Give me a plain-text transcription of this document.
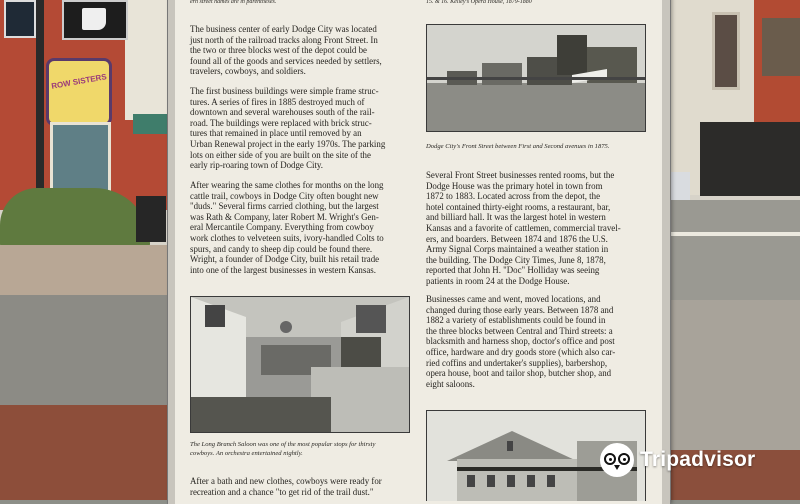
ROW SISTERS

ern street names are in parentheses.	15. & 16. Kelley's Opera House, 1879-1880

The business center of early Dodge City was located
just north of the railroad tracks along Front Street. In
the two or three blocks west of the depot could be
found all of the goods and services needed by settlers,
travelers, cowboys, and soldiers.

The first business buildings were simple frame struc-
tures. A series of fires in 1885 destroyed much of
downtown and several warehouses south of the rail-
road. The buildings were replaced with brick struc-
tures that remained in place until removed by an
Urban Renewal project in the early 1970s. The parking
lots on either side of you are built on the site of the
early rip-roaring town of Dodge City.

After wearing the same clothes for months on the long
cattle trail, cowboys in Dodge City often bought new
"duds." Several firms carried clothing, but the largest
was Rath & Company, later Robert M. Wright's Gen-
eral Mercantile Company. Everything from cowboy
work clothes to velveteen suits, ivory-handled Colts to
spurs, and candy to sheep dip could be found there.
Wright, a founder of Dodge City, built his retail trade
into one of the largest businesses in western Kansas.

The Long Branch Saloon was one of the most popular stops for thirsty
cowboys. An orchestra entertained nightly.

After a bath and new clothes, cowboys were ready for
recreation and a chance "to get rid of the trail dust."

Dodge City's Front Street between First and Second avenues in 1875.

Several Front Street businesses rented rooms, but the
Dodge House was the primary hotel in town from
1872 to 1883. Located across from the depot, the
hotel contained thirty-eight rooms, a restaurant, bar,
and billiard hall. It was the largest hotel in western
Kansas and a favorite of cattlemen, commercial travel-
ers, and boarders. Between 1874 and 1876 the U.S.
Army Signal Corps maintained a weather station in
the building. The Dodge City Times, June 8, 1878,
reported that John H. "Doc" Holliday was seeing
patients in room 24 at the Dodge House.

Businesses came and went, moved locations, and
changed during those early years. Between 1878 and
1882 a variety of establishments could be found in
the three blocks between Central and Third streets: a
blacksmith and harness shop, doctor's office and post
office, hardware and dry goods store (which also car-
ried coffins and undertaker's supplies), barbershop,
opera house, boot and tailor shop, butcher shop, and
eight saloons.

Tripadvisor
